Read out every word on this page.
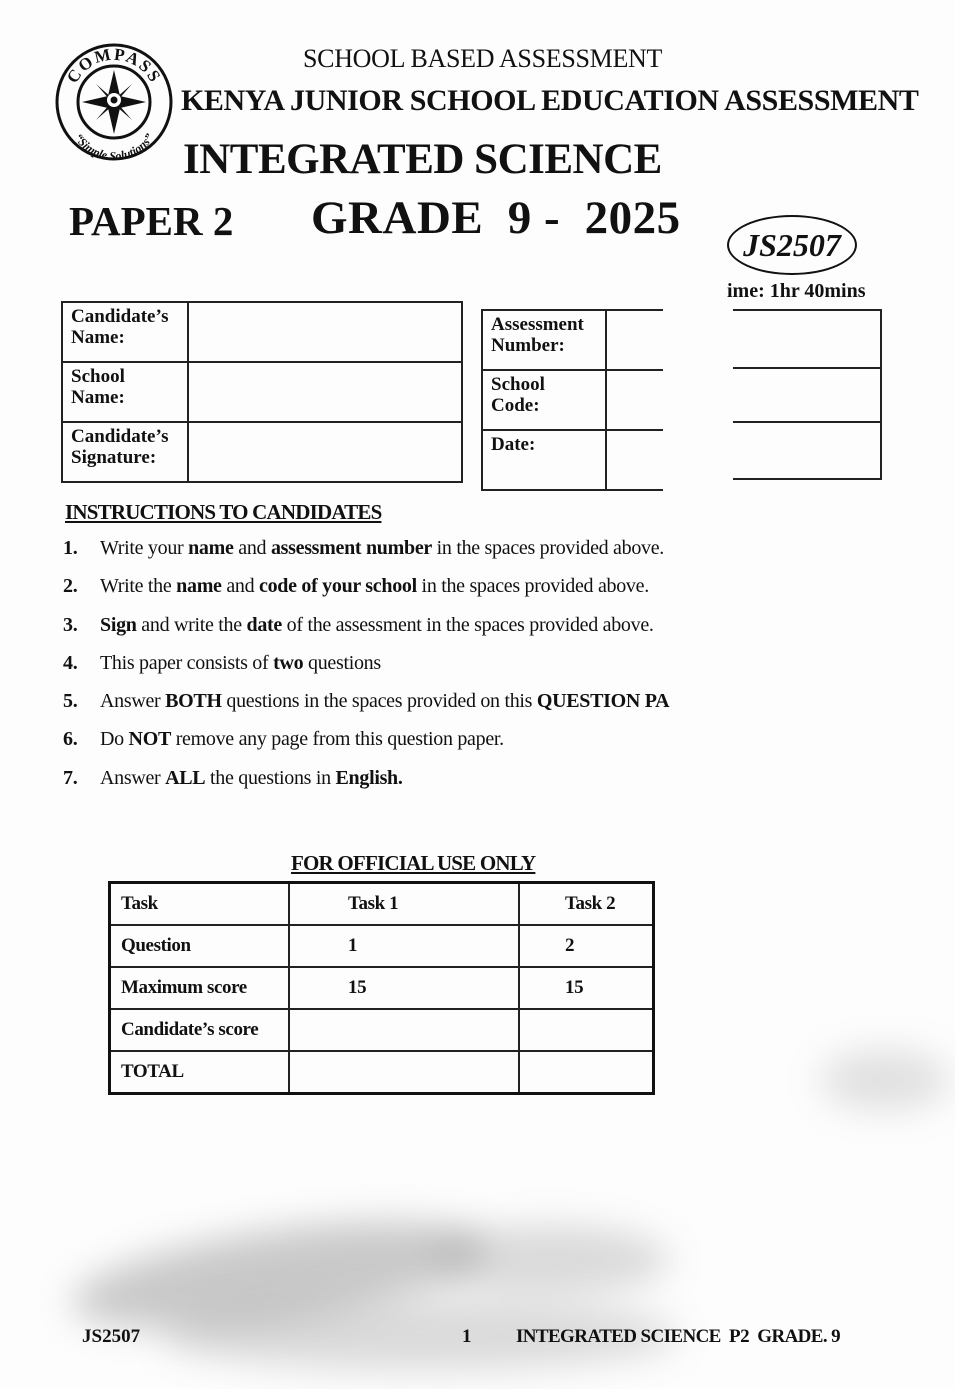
COMPASS
“Simple Solutions”
SCHOOL BASED ASSESSMENT
KENYA JUNIOR SCHOOL EDUCATION ASSESSMENT
INTEGRATED SCIENCE
PAPER 2 GRADE  9 -  2025
JS2507
ime: 1hr 40mins
Candidate’s Name:	
School Name:	
Candidate’s Signature:	
Assessment Number:	
School Code:	
Date:	
INSTRUCTIONS TO CANDIDATES
1. Write your name and assessment number in the spaces provided above.
2. Write the name and code of your school in the spaces provided above.
3. Sign and write the date of the assessment in the spaces provided above.
4. This paper consists of two questions
5. Answer BOTH questions in the spaces provided on this QUESTION PA
6. Do NOT remove any page from this question paper.
7. Answer ALL the questions in English.
FOR OFFICIAL USE ONLY
Task	Task 1	Task 2
Question	1	2
Maximum score	15	15
Candidate’s score		
TOTAL		
JS2507	1 INTEGRATED SCIENCE  P2  GRADE. 9
